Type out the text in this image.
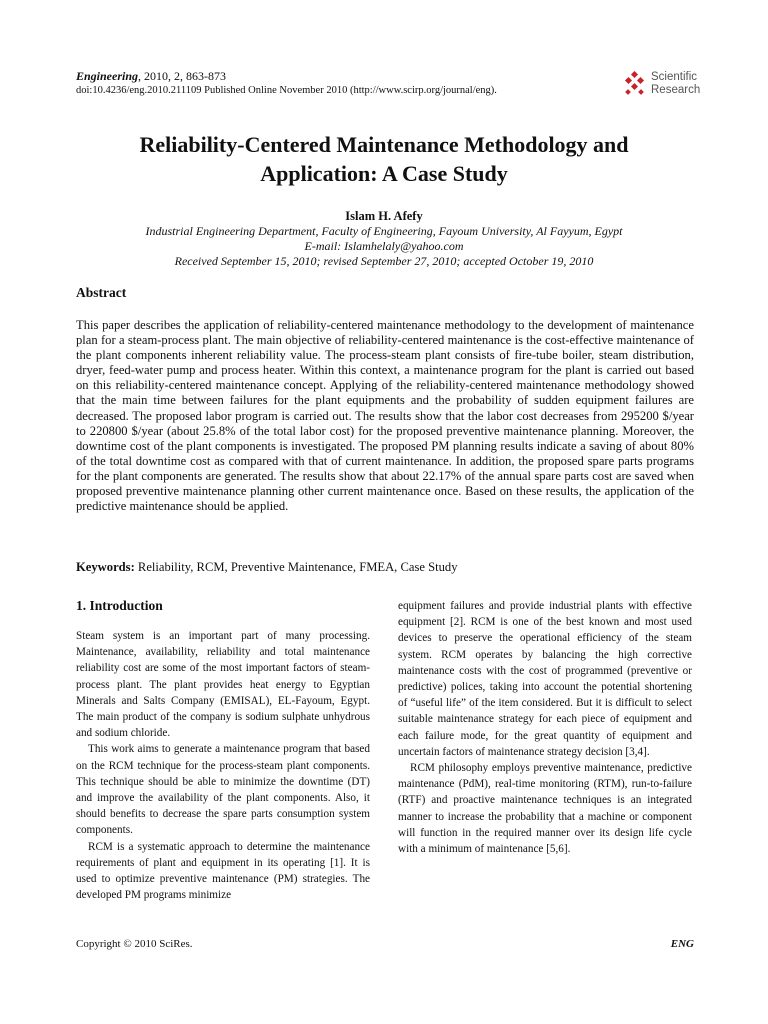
Engineering, 2010, 2, 863-873
doi:10.4236/eng.2010.211109 Published Online November 2010 (http://www.scirp.org/journal/eng).
Scientific
Research
Reliability-Centered Maintenance Methodology and
Application: A Case Study
Islam H. Afefy
Industrial Engineering Department, Faculty of Engineering, Fayoum University, Al Fayyum, Egypt
E-mail: Islamhelaly@yahoo.com
Received September 15, 2010; revised September 27, 2010; accepted October 19, 2010
Abstract
This paper describes the application of reliability-centered maintenance methodology to the development of maintenance plan for a steam-process plant. The main objective of reliability-centered maintenance is the cost-effective maintenance of the plant components inherent reliability value. The process-steam plant consists of fire-tube boiler, steam distribution, dryer, feed-water pump and process heater. Within this context, a maintenance program for the plant is carried out based on this reliability-centered maintenance concept. Applying of the reliability-centered maintenance methodology showed that the main time between failures for the plant equipments and the probability of sudden equipment failures are decreased. The proposed labor program is carried out. The results show that the labor cost decreases from 295200 $/year to 220800 $/year (about 25.8% of the total labor cost) for the proposed preventive maintenance planning. Moreover, the downtime cost of the plant components is investigated. The proposed PM planning results indicate a saving of about 80% of the total downtime cost as compared with that of current maintenance. In addition, the proposed spare parts programs for the plant components are generated. The results show that about 22.17% of the annual spare parts cost are saved when proposed preventive maintenance planning other current maintenance once. Based on these results, the application of the predictive maintenance should be applied.
Keywords: Reliability, RCM, Preventive Maintenance, FMEA, Case Study
1. Introduction

Steam system is an important part of many processing. Maintenance, availability, reliability and total maintenance reliability cost are some of the most important factors of steam-process plant. The plant provides heat energy to Egyptian Minerals and Salts Company (EMISAL), EL-Fayoum, Egypt. The main product of the company is sodium sulphate unhydrous and sodium chloride.

This work aims to generate a maintenance program that based on the RCM technique for the process-steam plant components. This technique should be able to minimize the downtime (DT) and improve the availability of the plant components. Also, it should benefits to decrease the spare parts consumption system components.

RCM is a systematic approach to determine the maintenance requirements of plant and equipment in its operating [1]. It is used to optimize preventive maintenance (PM) strategies. The developed PM programs minimize

equipment failures and provide industrial plants with effective equipment [2]. RCM is one of the best known and most used devices to preserve the operational efficiency of the steam system. RCM operates by balancing the high corrective maintenance costs with the cost of programmed (preventive or predictive) polices, taking into account the potential shortening of “useful life” of the item considered. But it is difficult to select suitable maintenance strategy for each piece of equipment and each failure mode, for the great quantity of equipment and uncertain factors of maintenance strategy decision [3,4].

RCM philosophy employs preventive maintenance, predictive maintenance (PdM), real-time monitoring (RTM), run-to-failure (RTF) and proactive maintenance techniques is an integrated manner to increase the probability that a machine or component will function in the required manner over its design life cycle with a minimum of maintenance [5,6].

Copyright © 2010 SciRes.	ENG
